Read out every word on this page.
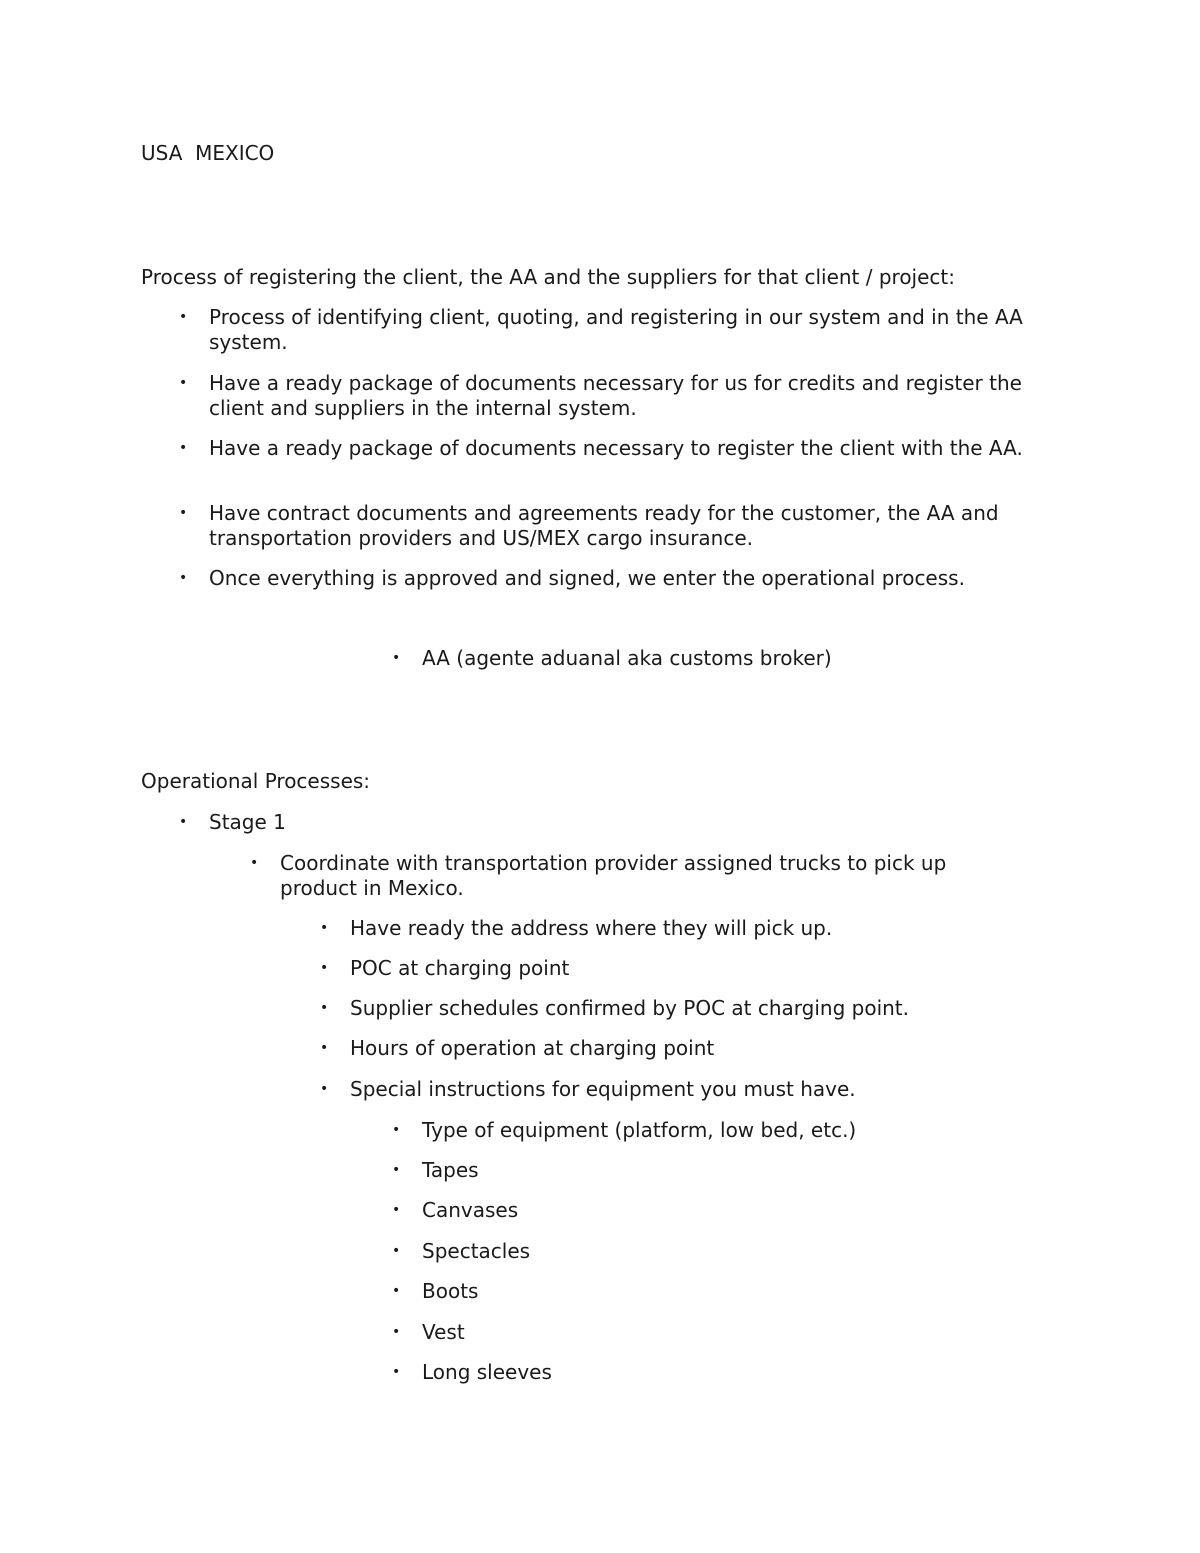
USA  MEXICO

Process of registering the client, the AA and the suppliers for that client / project:

• Process of identifying client, quoting, and registering in our system and in the AA system.
• Have a ready package of documents necessary for us for credits and register the client and suppliers in the internal system.
• Have a ready package of documents necessary to register the client with the AA.
• Have contract documents and agreements ready for the customer, the AA and transportation providers and US/MEX cargo insurance.
• Once everything is approved and signed, we enter the operational process.
• AA (agente aduanal aka customs broker)

Operational Processes:

• Stage 1
• Coordinate with transportation provider assigned trucks to pick up product in Mexico.
• Have ready the address where they will pick up.
• POC at charging point
• Supplier schedules confirmed by POC at charging point.
• Hours of operation at charging point
• Special instructions for equipment you must have.
• Type of equipment (platform, low bed, etc.)
• Tapes
• Canvases
• Spectacles
• Boots
• Vest
• Long sleeves
